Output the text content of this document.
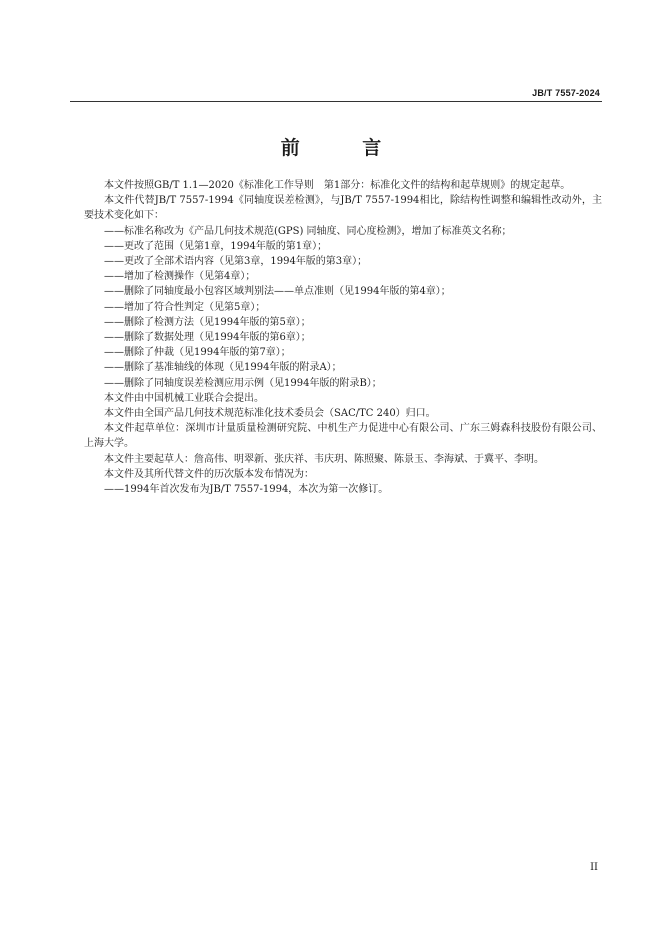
JB/T 7557-2024
前 言

本文件按照GB/T 1.1—2020《标准化工作导则　第1部分：标准化文件的结构和起草规则》的规定起草。

本文件代替JB/T 7557-1994《同轴度误差检测》，与JB/T 7557-1994相比，除结构性调整和编辑性改动外，主要技术变化如下：

——标准名称改为《产品几何技术规范(GPS) 同轴度、同心度检测》，增加了标准英文名称；

——更改了范围（见第1章，1994年版的第1章）；

——更改了全部术语内容（见第3章，1994年版的第3章）；

——增加了检测操作（见第4章）；

——删除了同轴度最小包容区域判别法——单点准则（见1994年版的第4章）；

——增加了符合性判定（见第5章）；

——删除了检测方法（见1994年版的第5章）；

——删除了数据处理（见1994年版的第6章）；

——删除了仲裁（见1994年版的第7章）；

——删除了基准轴线的体现（见1994年版的附录A）；

——删除了同轴度误差检测应用示例（见1994年版的附录B）；

本文件由中国机械工业联合会提出。

本文件由全国产品几何技术规范标准化技术委员会（SAC/TC 240）归口。

本文件起草单位：深圳市计量质量检测研究院、中机生产力促进中心有限公司、广东三姆森科技股份有限公司、上海大学。

本文件主要起草人：詹高伟、明翠新、张庆祥、韦庆玥、陈照聚、陈景玉、李海斌、于冀平、李明。

本文件及其所代替文件的历次版本发布情况为：

——1994年首次发布为JB/T 7557-1994，本次为第一次修订。

II
